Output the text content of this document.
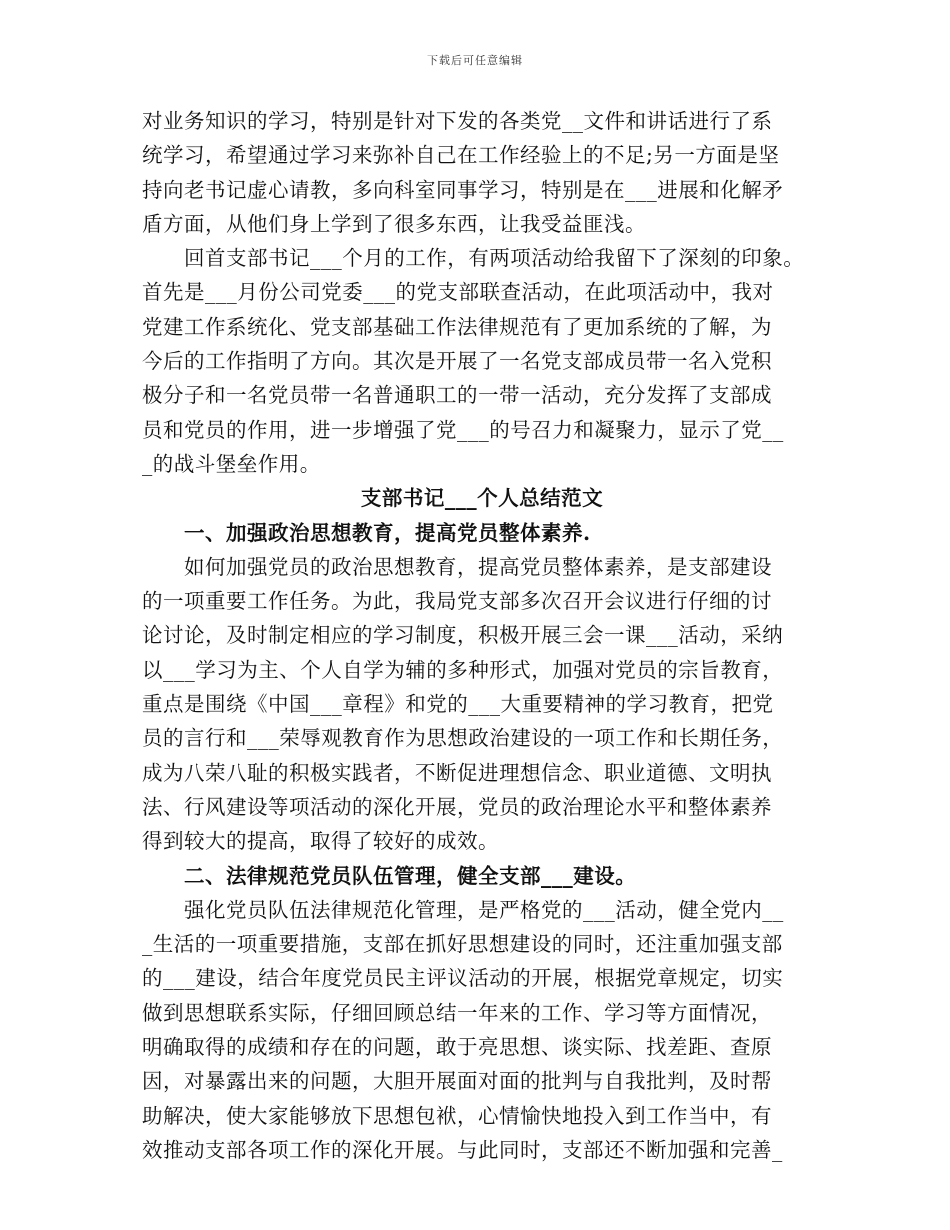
下载后可任意编辑
对业务知识的学习，特别是针对下发的各类党__文件和讲话进行了系
统学习，希望通过学习来弥补自己在工作经验上的不足;另一方面是坚
持向老书记虚心请教，多向科室同事学习，特别是在___进展和化解矛
盾方面，从他们身上学到了很多东西，让我受益匪浅。
回首支部书记___个月的工作，有两项活动给我留下了深刻的印象。
首先是___月份公司党委___的党支部联查活动，在此项活动中，我对
党建工作系统化、党支部基础工作法律规范有了更加系统的了解，为
今后的工作指明了方向。其次是开展了一名党支部成员带一名入党积
极分子和一名党员带一名普通职工的一带一活动，充分发挥了支部成
员和党员的作用，进一步增强了党___的号召力和凝聚力，显示了党__
_的战斗堡垒作用。
支部书记___个人总结范文
一、加强政治思想教育，提高党员整体素养.
如何加强党员的政治思想教育，提高党员整体素养，是支部建设
的一项重要工作任务。为此，我局党支部多次召开会议进行仔细的讨
论讨论，及时制定相应的学习制度，积极开展三会一课___活动，采纳
以___学习为主、个人自学为辅的多种形式，加强对党员的宗旨教育，
重点是围绕《中国___章程》和党的___大重要精神的学习教育，把党
员的言行和___荣辱观教育作为思想政治建设的一项工作和长期任务，
成为八荣八耻的积极实践者，不断促进理想信念、职业道德、文明执
法、行风建设等项活动的深化开展，党员的政治理论水平和整体素养
得到较大的提高，取得了较好的成效。
二、法律规范党员队伍管理，健全支部___建设。
强化党员队伍法律规范化管理，是严格党的___活动，健全党内__
_生活的一项重要措施，支部在抓好思想建设的同时，还注重加强支部
的___建设，结合年度党员民主评议活动的开展，根据党章规定，切实
做到思想联系实际，仔细回顾总结一年来的工作、学习等方面情况，
明确取得的成绩和存在的问题，敢于亮思想、谈实际、找差距、查原
因，对暴露出来的问题，大胆开展面对面的批判与自我批判，及时帮
助解决，使大家能够放下思想包袱，心情愉快地投入到工作当中，有
效推动支部各项工作的深化开展。与此同时，支部还不断加强和完善_
